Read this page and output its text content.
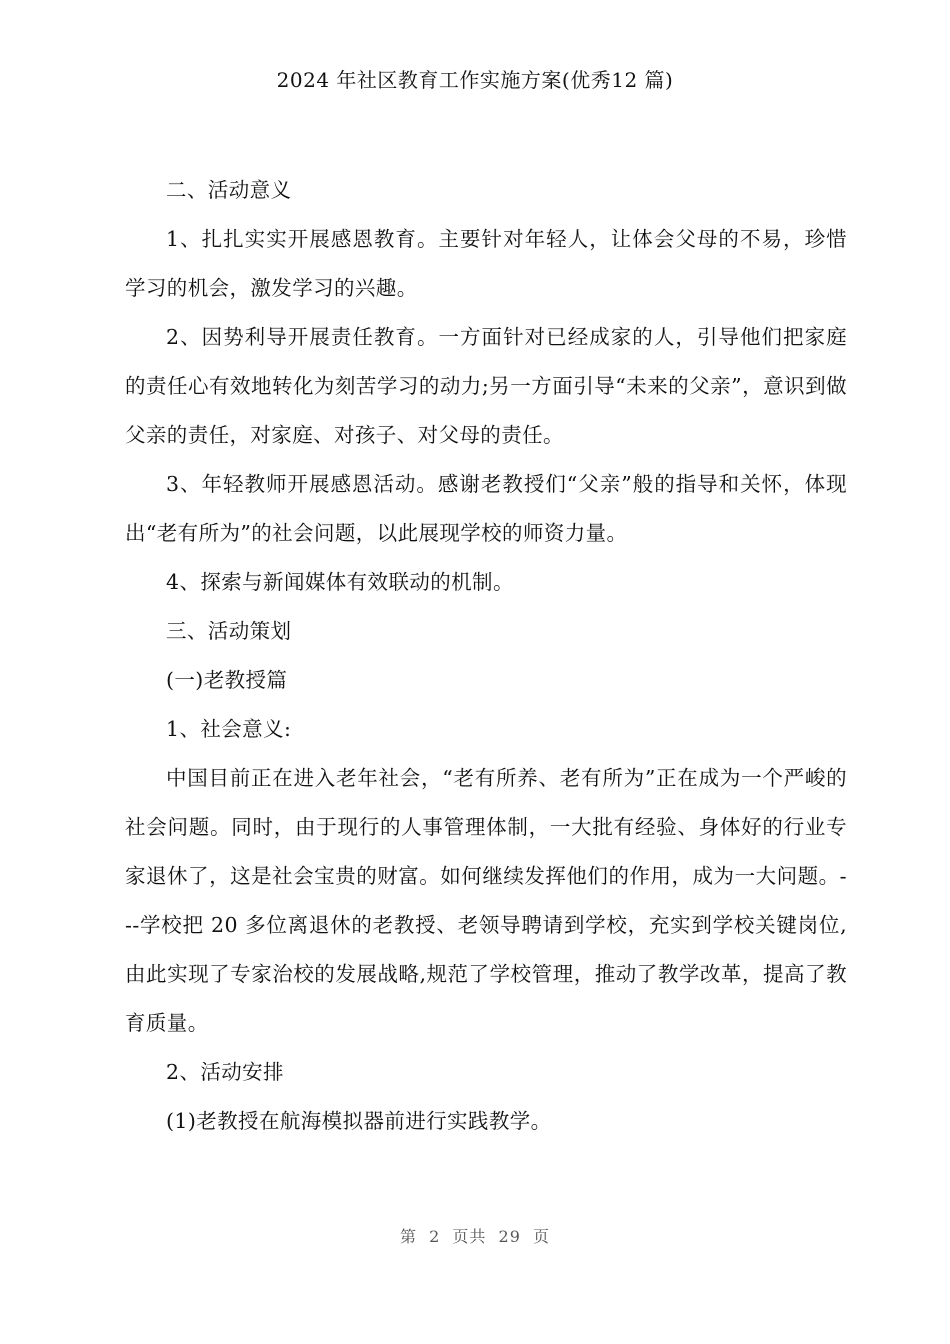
2024 年社区教育工作实施方案(优秀12 篇)

二、活动意义

1、扎扎实实开展感恩教育。主要针对年轻人，让体会父母的不易，珍惜学习的机会，激发学习的兴趣。

2、因势利导开展责任教育。一方面针对已经成家的人，引导他们把家庭的责任心有效地转化为刻苦学习的动力;另一方面引导“未来的父亲”，意识到做父亲的责任，对家庭、对孩子、对父母的责任。

3、年轻教师开展感恩活动。感谢老教授们“父亲”般的指导和关怀，体现出“老有所为”的社会问题，以此展现学校的师资力量。

4、探索与新闻媒体有效联动的机制。

三、活动策划

(一)老教授篇

1、社会意义:

中国目前正在进入老年社会，“老有所养、老有所为”正在成为一个严峻的社会问题。同时，由于现行的人事管理体制，一大批有经验、身体好的行业专家退休了，这是社会宝贵的财富。如何继续发挥他们的作用，成为一大问题。---学校把 20 多位离退休的老教授、老领导聘请到学校，充实到学校关键岗位,由此实现了专家治校的发展战略,规范了学校管理，推动了教学改革，提高了教育质量。

2、活动安排

(1)老教授在航海模拟器前进行实践教学。

第 2 页共 29 页
